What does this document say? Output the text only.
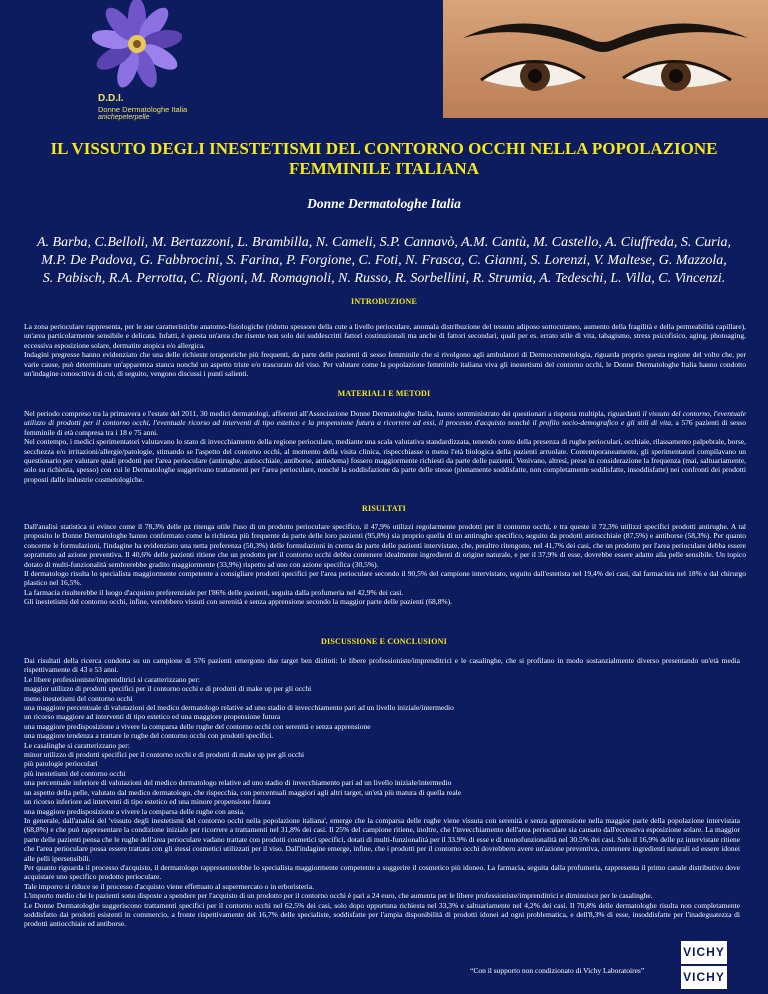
D.D.I.
Donne Dermatologhe Italia
anichepeterpelle
IL VISSUTO DEGLI INESTETISMI DEL CONTORNO OCCHI NELLA POPOLAZIONE
FEMMINILE ITALIANA
Donne Dermatologhe Italia
A. Barba, C.Belloli, M. Bertazzoni, L. Brambilla, N. Cameli, S.P. Cannavò, A.M. Cantù, M. Castello, A. Ciuffreda, S. Curia,
M.P. De Padova, G. Fabbrocini, S. Farina, P. Forgione, C. Foti, N. Frasca, C. Gianni, S. Lorenzi, V. Maltese, G. Mazzola,
S. Pabisch, R.A. Perrotta, C. Rigoni, M. Romagnoli, N. Russo, R. Sorbellini, R. Strumia, A. Tedeschi, L. Villa, C. Vincenzi.
INTRODUZIONE

La zona perioculare rappresenta, per le sue caratteristiche anatomo-fisiologiche (ridotto spessore della cute a livello perioculare, anomala distribuzione del tessuto adiposo sottocutaneo, aumento della fragilità e della permeabilità capillare), un'area particolarmente sensibile e delicata. Infatti, è questa un'area che risente non solo dei suddescritti fattori costituzionali ma anche di fattori secondari, quali per es. errato stile di vita, tabagismo, stress psicofisico, aging, photoaging, eccessiva esposizione solare, dermatite atopica e/o allergica.

Indagini pregresse hanno evidenziato che una delle richieste terapeutiche più frequenti, da parte delle pazienti di sesso femminile che si rivolgono agli ambulatori di Dermocosmetologia, riguarda proprio questa regione del volto che, per varie cause, può determinare un'apparenza stanca nonché un aspetto triste e/o trascurato del viso. Per valutare come la popolazione femminile italiana viva gli inestetismi del contorno occhi, le Donne Dermatologhe Italia hanno condotto un'indagine conoscitiva di cui, di seguito, vengono discussi i punti salienti.

MATERIALI E METODI

Nel periodo compreso tra la primavera e l'estate del 2011, 30 medici dermatologi, afferenti all'Associazione Donne Dermatologhe Italia, hanno somministrato dei questionari a risposta multipla, riguardanti il vissuto del contorno, l'eventuale utilizzo di prodotti per il contorno occhi, l'eventuale ricorso ad interventi di tipo estetico e la propensione futura a ricorrere ad essi, il processo d'acquisto nonché il profilo socio-demografico e gli stili di vita, a 576 pazienti di sesso femminile di età compresa tra i 18 e 75 anni.

Nel contempo, i medici sperimentatori valutavano lo stato di invecchiamento della regione perioculare, mediante una scala valutativa standardizzata, tenendo conto della presenza di rughe perioculari, occhiaie, rilassamento palpebrale, borse, secchezza e/o irritazioni/allergie/patologie, stimando se l'aspetto del contorno occhi, al momento della visita clinica, rispecchiasse o meno l'età biologica della pazienti arruolate. Contemporaneamente, gli sperimentatori compilavano un questionario per valutare quali prodotti per l'area perioculare (antirughe, antiocchiaie, antiborse, antiedema) fossero maggiormente richiesti da parte delle pazienti. Venivano, altresì, prese in considerazione la frequenza (mai, saltuariamente, solo su richiesta, spesso) con cui le Dermatologhe suggerivano trattamenti per l'area perioculare, nonché la soddisfazione da parte delle stesse (pienamente soddisfatte, non completamente soddisfatte, insoddisfatte) nei confronti dei prodotti proposti dalle industrie cosmetologiche.

RISULTATI

Dall'analisi statistica si evince come il 78,3% delle pz ritenga utile l'uso di un prodotto perioculare specifico, il 47,9% utilizzi regolarmente prodotti per il contorno occhi, e tra queste il 72,3% utilizzi specifici prodotti antirughe. A tal proposito le Donne Dermatologhe hanno confermato come la richiesta più frequente da parte delle loro pazienti (95,8%) sia proprio quella di un antirughe specifico, seguito da prodotti antiocchiaie (87,5%) e antiborse (58,3%). Per quanto concerne le formulazioni, l'indagine ha evidenziato una netta preferenza (50,3%) delle formulazioni in crema da parte delle pazienti intervistate, che, peraltro ritengono, nel 41,7% dei casi, che un prodotto per l'area perioculare debba essere soprattutto ad azione preventiva. Il 40,6% delle pazienti ritiene che un prodotto per il contorno occhi debba contenere idealmente ingredienti di origine naturale, e per il 37,9% di esse, dovrebbe essere adatto alla pelle sensibile. Un topico dotato di multi-funzionalità sembrerebbe gradito maggiormente (33,9%) rispetto ad uno con azione specifica (30,5%).

Il dermatologo risulta lo specialista maggiormente competente a consigliare prodotti specifici per l'area perioculare secondo il 90,5% del campione intervistato, seguito dall'estetista nel 19,4% dei casi, dal farmacista nel 18% e dal chirurgo plastico nel 16,5%.

La farmacia risulterebbe il luogo d'acquisto preferenziale per l'86% delle pazienti, seguita dalla profumeria nel 42,9% dei casi.

Gli inestetismi del contorno occhi, infine, verrebbero vissuti con serenità e senza apprensione secondo la maggior parte delle pazienti (68,8%).

DISCUSSIONE E CONCLUSIONI

Dai risultati della ricerca condotta su un campione di 576 pazienti emergono due target ben distinti: le libere professioniste/imprenditrici e le casalinghe, che si profilano in modo sostanzialmente diverso presentando un'età media rispettivamente di 43 e 53 anni.

Le libere professioniste/imprenditrici si caratterizzano per:

maggior utilizzo di prodotti specifici per il contorno occhi e di prodotti di make up per gli occhi

meno inestetismi del contorno occhi

una maggiore percentuale di valutazioni del medico dermatologo relative ad uno stadio di invecchiamento pari ad un livello iniziale/intermedio

un ricorso maggiore ad interventi di tipo estetico ed una maggiore propensione futura

una maggiore predisposizione a vivere la comparsa delle rughe del contorno occhi con serenità e senza apprensione

una maggiore tendenza a trattare le rughe del contorno occhi con prodotti specifici.

Le casalinghe si caratterizzano per:

minor utilizzo di prodotti specifici per il contorno occhi e di prodotti di make up per gli occhi

più patologie perioculari

più inestetismi del contorno occhi

una percentuale inferiore di valutazioni del medico dermatologo relative ad uno stadio di invecchiamento pari ad un livello iniziale/intermedio

un aspetto della pelle, valutato dal medico dermatologo, che rispecchia, con percentuali maggiori agli altri target, un'età più matura di quella reale

un ricorso inferiore ad interventi di tipo estetico ed una minore propensione futura

una maggiore predisposizione a vivere la comparsa delle rughe con ansia.

In generale, dall'analisi del 'vissuto degli inestetismi del contorno occhi nella popolazione italiana', emerge che la comparsa delle rughe viene vissuta con serenità e senza apprensione nella maggior parte della popolazione intervistata (68,8%) e che può rappresentare la condizione iniziale per ricorrere a trattamenti nel 31,8% dei casi. Il 25% del campione ritiene, inoltre, che l'invecchiamento dell'area perioculare sia causato dall'eccessiva esposizione solare. La maggior parte delle pazienti pensa che le rughe dell'area perioculare vadano trattate con prodotti cosmetici specifici, dotati di multi-funzionalità per il 33.9% di esse e di monofunzionalità nel 30.5% dei casi. Solo il 16,9% delle pz intervistate ritiene che l'area perioculare possa essere trattata con gli stessi cosmetici utilizzati per il viso. Dall'indagine emerge, infine, che i prodotti per il contorno occhi dovrebbero avere un'azione preventiva, contenere ingredienti naturali ed essere idonei alle pelli ipersensibili.

Per quanto riguarda il processo d'acquisto, il dermatologo rappresenterebbe lo specialista maggiormente competente a suggerire il cosmetico più idoneo. La farmacia, seguita dalla profumeria, rappresenta il primo canale distributivo dove acquistare uno specifico prodotto perioculare.

Tale imporro si riduce se il processo d'acquisto viene effettuato al supermercato o in erboristeria.

L'importo medio che le pazienti sono disposte a spendere per l'acquisto di un prodotto per il contorno occhi è pari a 24 euro, che aumenta per le libere professioniste/imprenditrici e diminuisce per le casalinghe.

Le Donne Dermatologhe suggeriscono trattamenti specifici per il contorno occhi nel 62,5% dei casi, solo dopo opportuna richiesta nel 33,3% e saltuariamente nel 4,2% dei casi. Il 70,8% delle dermatologhe risulta non completamente soddisfatto dai prodotti esistenti in commercio, a fronte rispettivamente del 16,7% delle specialiste, soddisfatte per l'ampia disponibilità di prodotti idonei ad ogni problematica, e dell'8,3% di esse, insoddisfatte per l'inadeguatezza di prodotti antiocchiaie ed antiborse.

VICHY
VICHY
“Con il supporto non condizionato di Vichy Laboratoires”
